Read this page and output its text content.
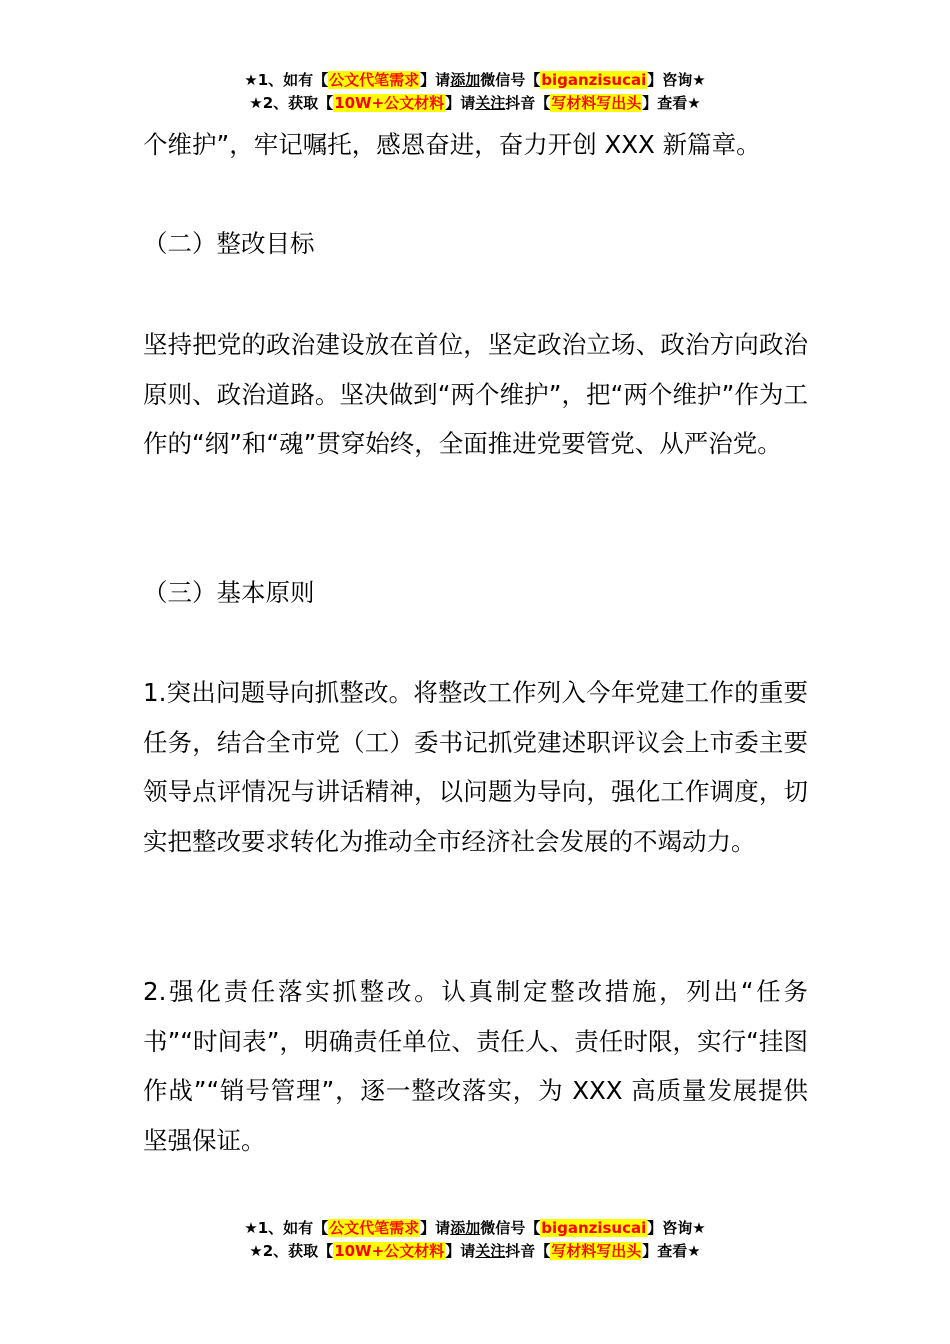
★1、如有【公文代笔需求】请添加微信号【biganzisucai】咨询★
★2、获取【10W+公文材料】请关注抖音【写材料写出头】查看★

个维护”，牢记嘱托，感恩奋进，奋力开创 XXX 新篇章。

（二）整改目标

坚持把党的政治建设放在首位，坚定政治立场、政治方向政治原则、政治道路。坚决做到“两个维护”，把“两个维护”作为工作的“纲”和“魂”贯穿始终，全面推进党要管党、从严治党。

（三）基本原则

1.突出问题导向抓整改。将整改工作列入今年党建工作的重要任务，结合全市党（工）委书记抓党建述职评议会上市委主要领导点评情况与讲话精神，以问题为导向，强化工作调度，切实把整改要求转化为推动全市经济社会发展的不竭动力。

2.强化责任落实抓整改。认真制定整改措施，列出“任务书”“时间表”，明确责任单位、责任人、责任时限，实行“挂图作战”“销号管理”，逐一整改落实，为 XXX 高质量发展提供坚强保证。

★1、如有【公文代笔需求】请添加微信号【biganzisucai】咨询★
★2、获取【10W+公文材料】请关注抖音【写材料写出头】查看★
